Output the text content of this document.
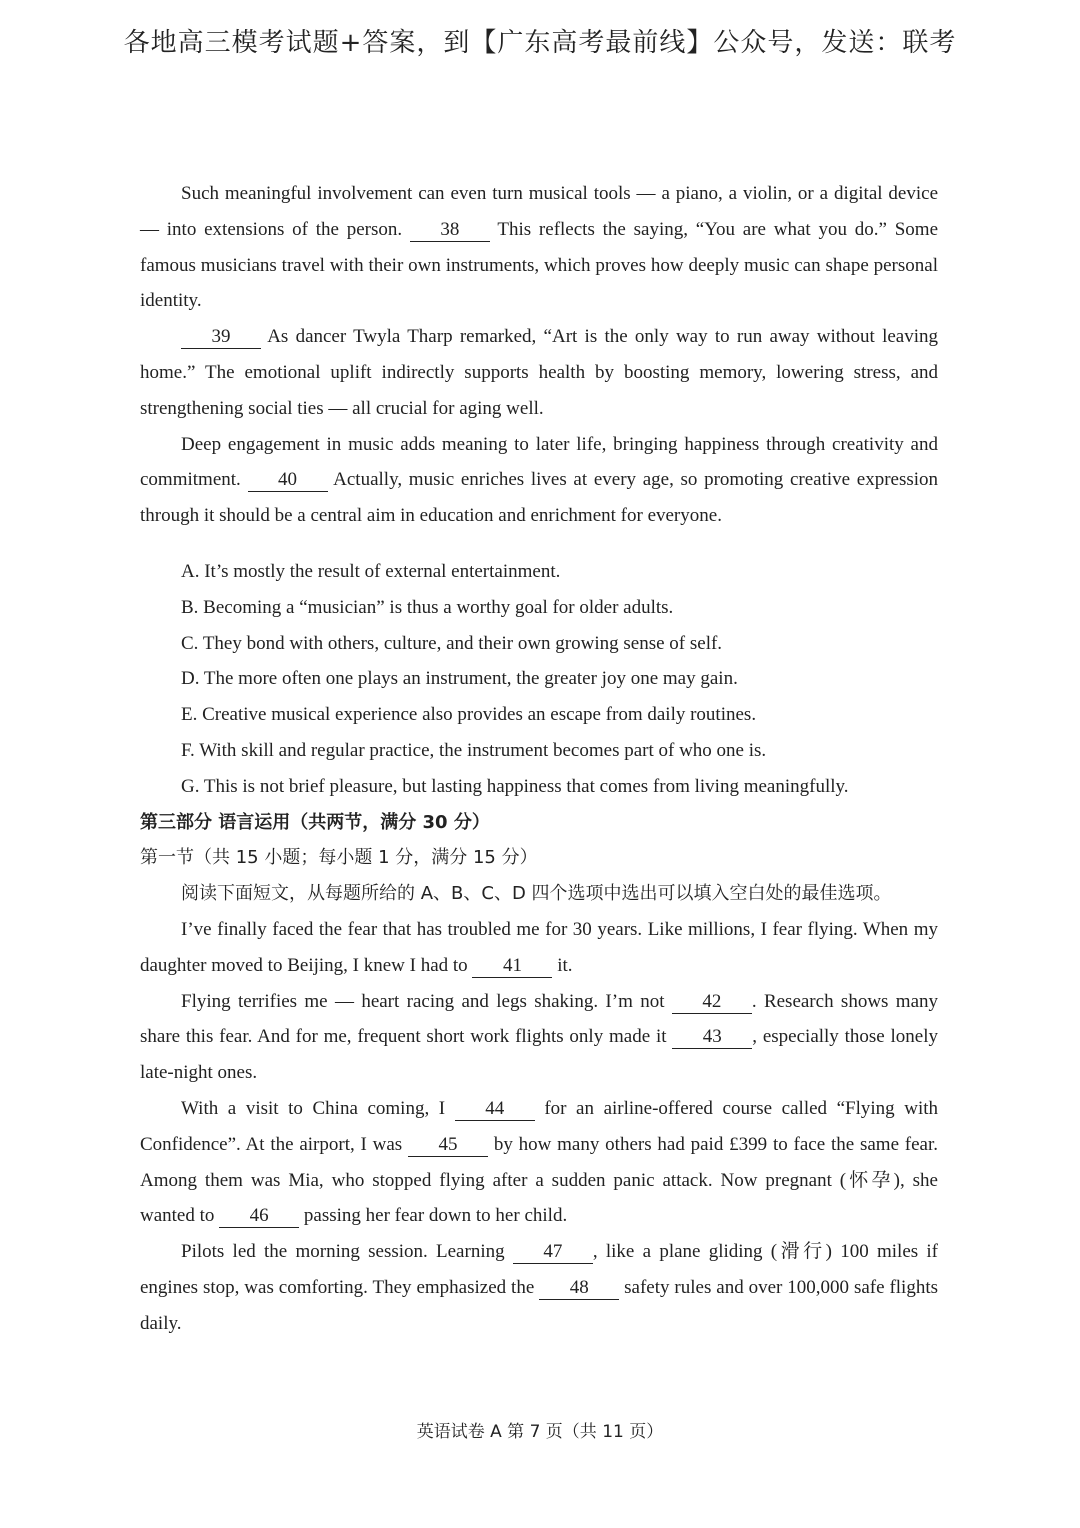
各地高三模考试题+答案，到【广东高考最前线】公众号，发送：联考

Such meaningful involvement can even turn musical tools — a piano, a violin, or a digital device — into extensions of the person. 38 This reflects the saying, “You are what you do.” Some famous musicians travel with their own instruments, which proves how deeply music can shape personal identity.

39 As dancer Twyla Tharp remarked, “Art is the only way to run away without leaving home.” The emotional uplift indirectly supports health by boosting memory, lowering stress, and strengthening social ties — all crucial for aging well.

Deep engagement in music adds meaning to later life, bringing happiness through creativity and commitment. 40 Actually, music enriches lives at every age, so promoting creative expression through it should be a central aim in education and enrichment for everyone.

A. It’s mostly the result of external entertainment.

B. Becoming a “musician” is thus a worthy goal for older adults.

C. They bond with others, culture, and their own growing sense of self.

D. The more often one plays an instrument, the greater joy one may gain.

E. Creative musical experience also provides an escape from daily routines.

F. With skill and regular practice, the instrument becomes part of who one is.

G. This is not brief pleasure, but lasting happiness that comes from living meaningfully.

第三部分 语言运用（共两节，满分 30 分）

第一节（共 15 小题；每小题 1 分，满分 15 分）

阅读下面短文，从每题所给的 A、B、C、D 四个选项中选出可以填入空白处的最佳选项。

I’ve finally faced the fear that has troubled me for 30 years. Like millions, I fear flying. When my daughter moved to Beijing, I knew I had to 41 it.

Flying terrifies me — heart racing and legs shaking. I’m not 42 . Research shows many share this fear. And for me, frequent short work flights only made it 43 , especially those lonely late-night ones.

With a visit to China coming, I 44 for an airline-offered course called “Flying with Confidence”. At the airport, I was 45 by how many others had paid £399 to face the same fear. Among them was Mia, who stopped flying after a sudden panic attack. Now pregnant (怀孕), she wanted to 46 passing her fear down to her child.

Pilots led the morning session. Learning 47 , like a plane gliding (滑行) 100 miles if engines stop, was comforting. They emphasized the 48 safety rules and over 100,000 safe flights daily.

英语试卷 A 第 7 页（共 11 页）
